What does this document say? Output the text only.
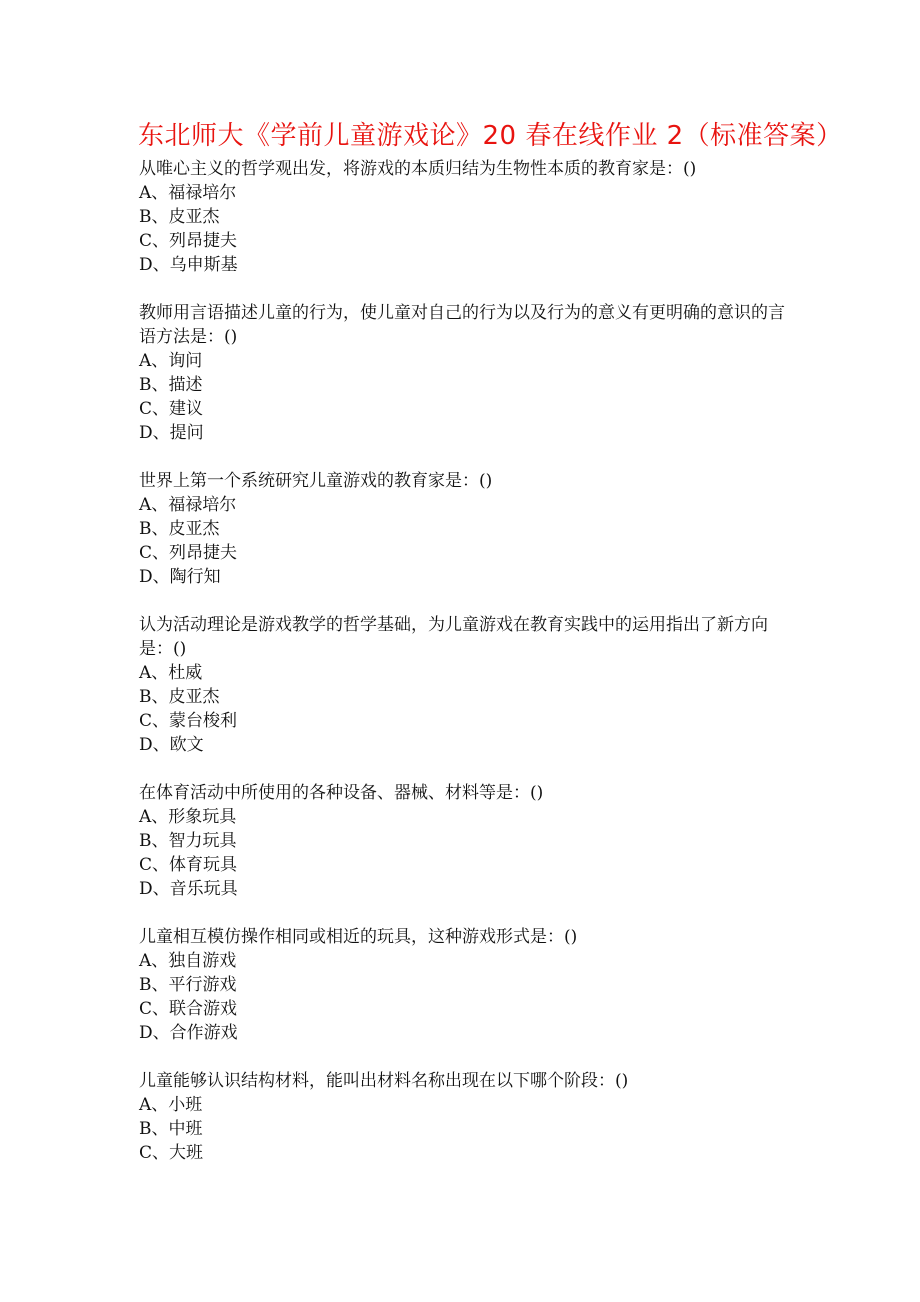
东北师大《学前儿童游戏论》20 春在线作业 2（标准答案）

从唯心主义的哲学观出发，将游戏的本质归结为生物性本质的教育家是：()

A、福禄培尔

B、皮亚杰

C、列昂捷夫

D、乌申斯基

教师用言语描述儿童的行为，使儿童对自己的行为以及行为的意义有更明确的意识的言语方法是：()

A、询问

B、描述

C、建议

D、提问

世界上第一个系统研究儿童游戏的教育家是：()

A、福禄培尔

B、皮亚杰

C、列昂捷夫

D、陶行知

认为活动理论是游戏教学的哲学基础，为儿童游戏在教育实践中的运用指出了新方向是：()

A、杜威

B、皮亚杰

C、蒙台梭利

D、欧文

在体育活动中所使用的各种设备、器械、材料等是：()

A、形象玩具

B、智力玩具

C、体育玩具

D、音乐玩具

儿童相互模仿操作相同或相近的玩具，这种游戏形式是：()

A、独自游戏

B、平行游戏

C、联合游戏

D、合作游戏

儿童能够认识结构材料，能叫出材料名称出现在以下哪个阶段：()

A、小班

B、中班

C、大班
